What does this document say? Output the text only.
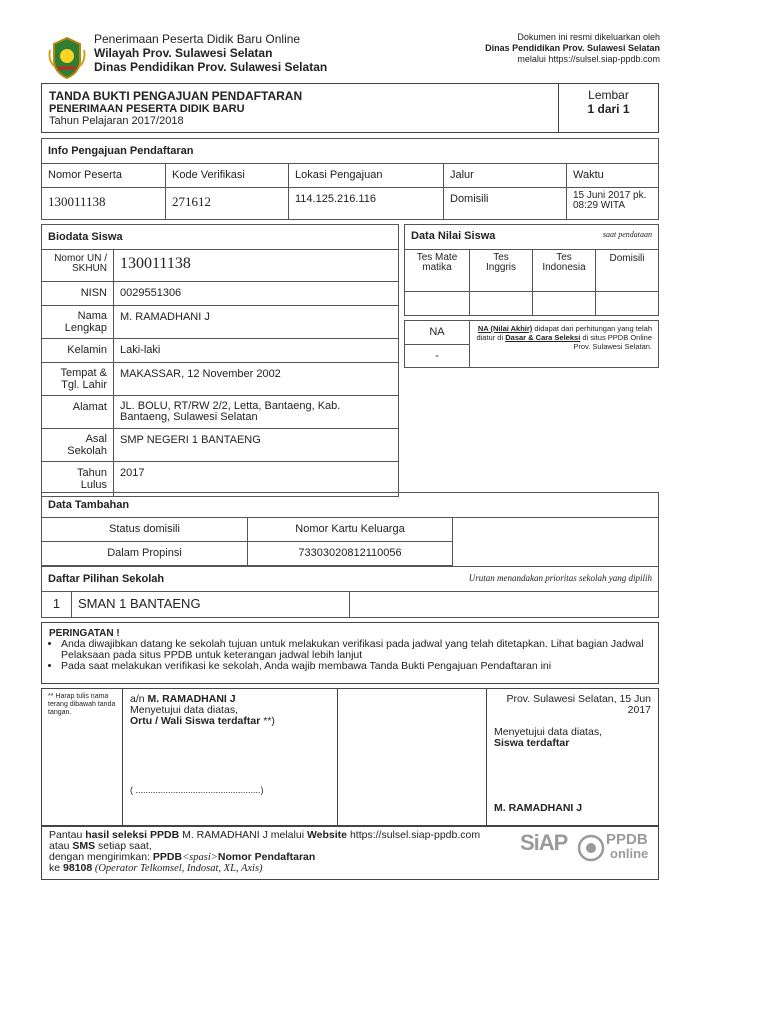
Penerimaan Peserta Didik Baru Online
Wilayah Prov. Sulawesi Selatan
Dinas Pendidikan Prov. Sulawesi Selatan
Dokumen ini resmi dikeluarkan oleh
Dinas Pendidikan Prov. Sulawesi Selatan
melalui https://sulsel.siap-ppdb.com
TANDA BUKTI PENGAJUAN PENDAFTARAN
PENERIMAAN PESERTA DIDIK BARU
Tahun Pelajaran 2017/2018
Lembar
1 dari 1
Info Pengajuan Pendaftaran				
Nomor Peserta	Kode Verifikasi	Lokasi Pengajuan	Jalur	Waktu
130011138	271612	114.125.216.116	Domisili	15 Juni 2017 pk. 08:29 WITA
Biodata Siswa	
Nomor UN / SKHUN	130011138
NISN	0029551306
Nama Lengkap	M. RAMADHANI J
Kelamin	Laki-laki
Tempat & Tgl. Lahir	MAKASSAR, 12 November 2002
Alamat	JL. BOLU, RT/RW 2/2, Letta, Bantaeng, Kab. Bantaeng, Sulawesi Selatan
Asal Sekolah	SMP NEGERI 1 BANTAENG
Tahun Lulus	2017
Data Nilai Siswa saat pendataan			

Tes Matematika	Tes Inggris	Tes Indonesia	Domisili

NA	NA (Nilai Akhir) didapat dari perhitungan yang telah diatur di Dasar & Cara Seleksi di situs PPDB Online Prov. Sulawesi Selatan.
-
Data Tambahan		
Status domisili	Nomor Kartu Keluarga	
Dalam Propinsi	73303020812110056	
Daftar Pilihan Sekolah	Urutan menandakan prioritas sekolah yang dipilih

1	SMAN 1 BANTAENG	
PERINGATAN !
• Anda diwajibkan datang ke sekolah tujuan untuk melakukan verifikasi pada jadwal yang telah ditetapkan. Lihat bagian Jadwal Pelaksaan pada situs PPDB untuk keterangan jadwal lebih lanjut
• Pada saat melakukan verifikasi ke sekolah, Anda wajib membawa Tanda Bukti Pengajuan Pendaftaran ini
** Harap tulis nama terang dibawah tanda tangan.
a/n M. RAMADHANI J
Menyetujui data diatas,
Ortu / Wali Siswa terdaftar **)
( ..................................................)
Prov. Sulawesi Selatan, 15 Jun 2017
Menyetujui data diatas,
Siswa terdaftar
M. RAMADHANI J
Pantau hasil seleksi PPDB M. RAMADHANI J melalui Website https://sulsel.siap-ppdb.com
atau SMS setiap saat,
dengan mengirimkan: PPDB<spasi>Nomor Pendaftaran
ke 98108 (Operator Telkomsel, Indosat, XL, Axis)
SiAP	PPDB
online
